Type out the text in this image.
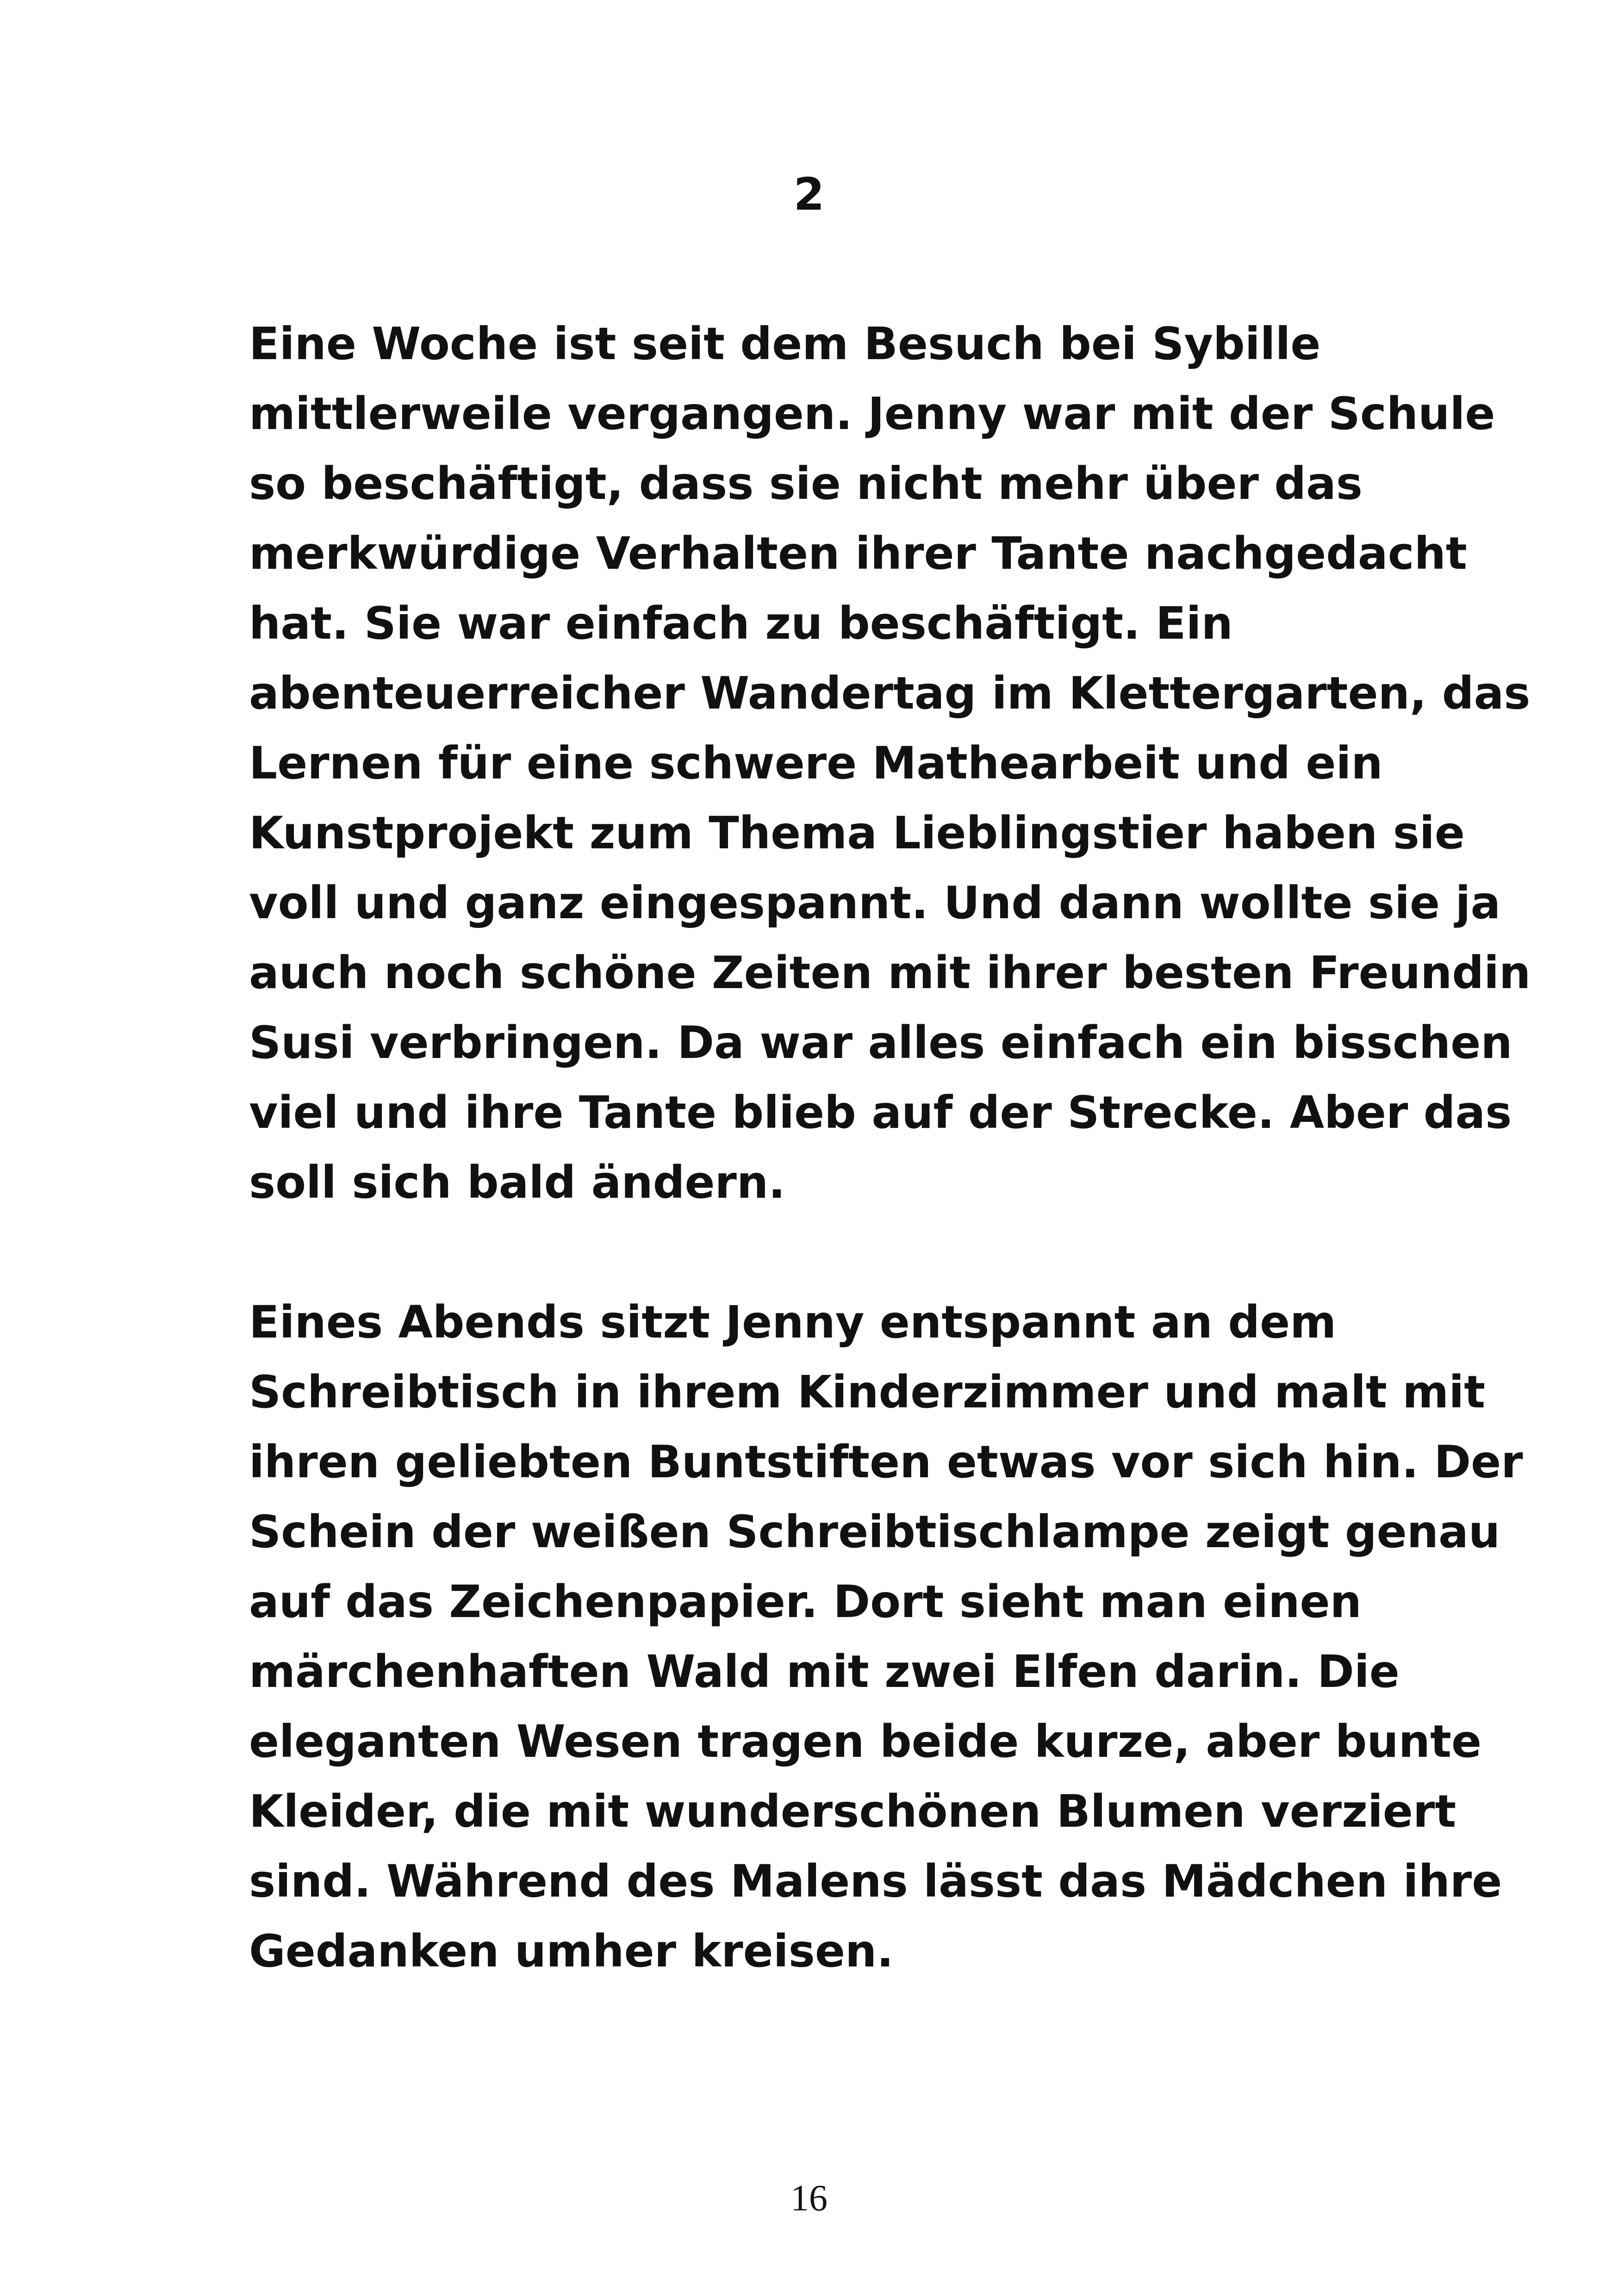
2
Eine Woche ist seit dem Besuch bei Sybille
mittlerweile vergangen. Jenny war mit der Schule
so beschäftigt, dass sie nicht mehr über das
merkwürdige Verhalten ihrer Tante nachgedacht
hat. Sie war einfach zu beschäftigt. Ein
abenteuerreicher Wandertag im Klettergarten, das
Lernen für eine schwere Mathearbeit und ein
Kunstprojekt zum Thema Lieblingstier haben sie
voll und ganz eingespannt. Und dann wollte sie ja
auch noch schöne Zeiten mit ihrer besten Freundin
Susi verbringen. Da war alles einfach ein bisschen
viel und ihre Tante blieb auf der Strecke. Aber das
soll sich bald ändern.
Eines Abends sitzt Jenny entspannt an dem
Schreibtisch in ihrem Kinderzimmer und malt mit
ihren geliebten Buntstiften etwas vor sich hin. Der
Schein der weißen Schreibtischlampe zeigt genau
auf das Zeichenpapier. Dort sieht man einen
märchenhaften Wald mit zwei Elfen darin. Die
eleganten Wesen tragen beide kurze, aber bunte
Kleider, die mit wunderschönen Blumen verziert
sind. Während des Malens lässt das Mädchen ihre
Gedanken umher kreisen.
16
